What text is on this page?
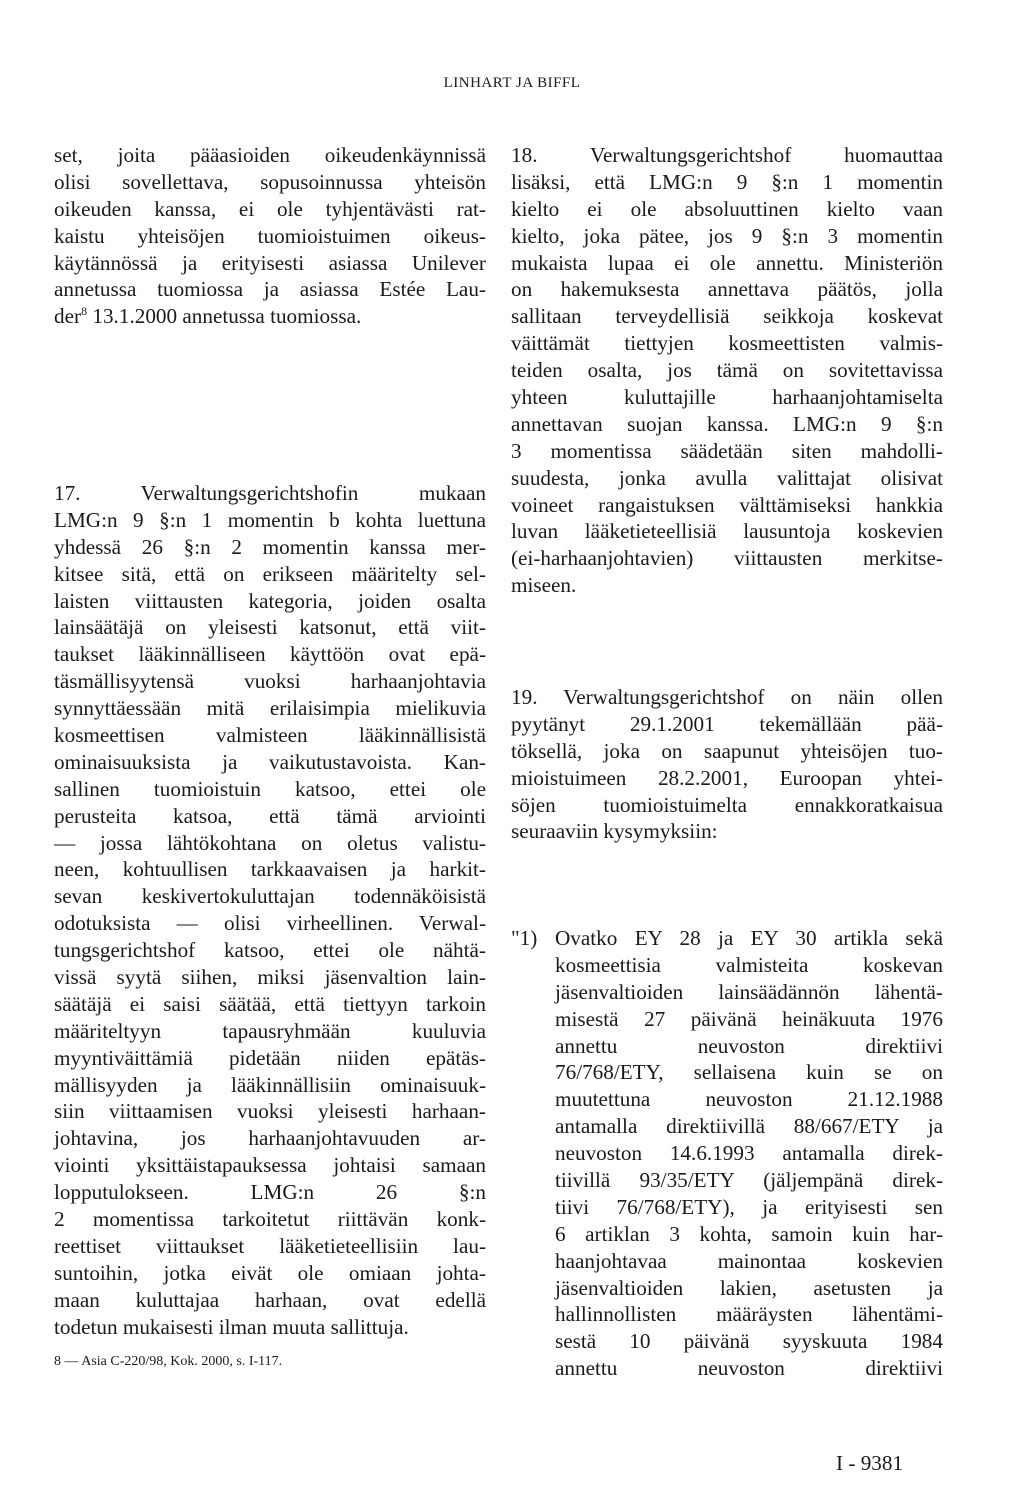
LINHART JA BIFFL
set, joita pääasioiden oikeudenkäynnissä
olisi sovellettava, sopusoinnussa yhteisön
oikeuden kanssa, ei ole tyhjentävästi rat-
kaistu yhteisöjen tuomioistuimen oikeus-
käytännössä ja erityisesti asiassa Unilever
annetussa tuomiossa ja asiassa Estée Lau-
der$^8$ 13.1.2000 annetussa tuomiossa.
17. Verwaltungsgerichtshofin mukaan
LMG:n 9 §:n 1 momentin b kohta luettuna
yhdessä 26 §:n 2 momentin kanssa mer-
kitsee sitä, että on erikseen määritelty sel-
laisten viittausten kategoria, joiden osalta
lainsäätäjä on yleisesti katsonut, että viit-
taukset lääkinnälliseen käyttöön ovat epä-
täsmällisyytensä vuoksi harhaanjohtavia
synnyttäessään mitä erilaisimpia mielikuvia
kosmeettisen valmisteen lääkinnällisistä
ominaisuuksista ja vaikutustavoista. Kan-
sallinen tuomioistuin katsoo, ettei ole
perusteita katsoa, että tämä arviointi
— jossa lähtökohtana on oletus valistu-
neen, kohtuullisen tarkkaavaisen ja harkit-
sevan keskivertokuluttajan todennäköisistä
odotuksista — olisi virheellinen. Verwal-
tungsgerichtshof katsoo, ettei ole nähtä-
vissä syytä siihen, miksi jäsenvaltion lain-
säätäjä ei saisi säätää, että tiettyyn tarkoin
määriteltyyn tapausryhmään kuuluvia
myyntiväittämiä pidetään niiden epätäs-
mällisyyden ja lääkinnällisiin ominaisuuk-
siin viittaamisen vuoksi yleisesti harhaan-
johtavina, jos harhaanjohtavuuden ar-
viointi yksittäistapauksessa johtaisi samaan
lopputulokseen. LMG:n 26 §:n
2 momentissa tarkoitetut riittävän konk-
reettiset viittaukset lääketieteellisiin lau-
suntoihin, jotka eivät ole omiaan johta-
maan kuluttajaa harhaan, ovat edellä
todetun mukaisesti ilman muuta sallittuja.
18. Verwaltungsgerichtshof huomauttaa
lisäksi, että LMG:n 9 §:n 1 momentin
kielto ei ole absoluuttinen kielto vaan
kielto, joka pätee, jos 9 §:n 3 momentin
mukaista lupaa ei ole annettu. Ministeriön
on hakemuksesta annettava päätös, jolla
sallitaan terveydellisiä seikkoja koskevat
väittämät tiettyjen kosmeettisten valmis-
teiden osalta, jos tämä on sovitettavissa
yhteen kuluttajille harhaanjohtamiselta
annettavan suojan kanssa. LMG:n 9 §:n
3 momentissa säädetään siten mahdolli-
suudesta, jonka avulla valittajat olisivat
voineet rangaistuksen välttämiseksi hankkia
luvan lääketieteellisiä lausuntoja koskevien
(ei-harhaanjohtavien) viittausten merkitse-
miseen.
19. Verwaltungsgerichtshof on näin ollen
pyytänyt 29.1.2001 tekemällään pää-
töksellä, joka on saapunut yhteisöjen tuo-
mioistuimeen 28.2.2001, Euroopan yhtei-
söjen tuomioistuimelta ennakkoratkaisua
seuraaviin kysymyksiin:
"1) Ovatko EY 28 ja EY 30 artikla sekä
kosmeettisia valmisteita koskevan
jäsenvaltioiden lainsäädännön lähentä-
misestä 27 päivänä heinäkuuta 1976
annettu neuvoston direktiivi
76/768/ETY, sellaisena kuin se on
muutettuna neuvoston 21.12.1988
antamalla direktiivillä 88/667/ETY ja
neuvoston 14.6.1993 antamalla direk-
tiivillä 93/35/ETY (jäljempänä direk-
tiivi 76/768/ETY), ja erityisesti sen
6 artiklan 3 kohta, samoin kuin har-
haanjohtavaa mainontaa koskevien
jäsenvaltioiden lakien, asetusten ja
hallinnollisten määräysten lähentämi-
sestä 10 päivänä syyskuuta 1984
annettu neuvoston direktiivi
8 — Asia C-220/98, Kok. 2000, s. I-117.
I - 9381
